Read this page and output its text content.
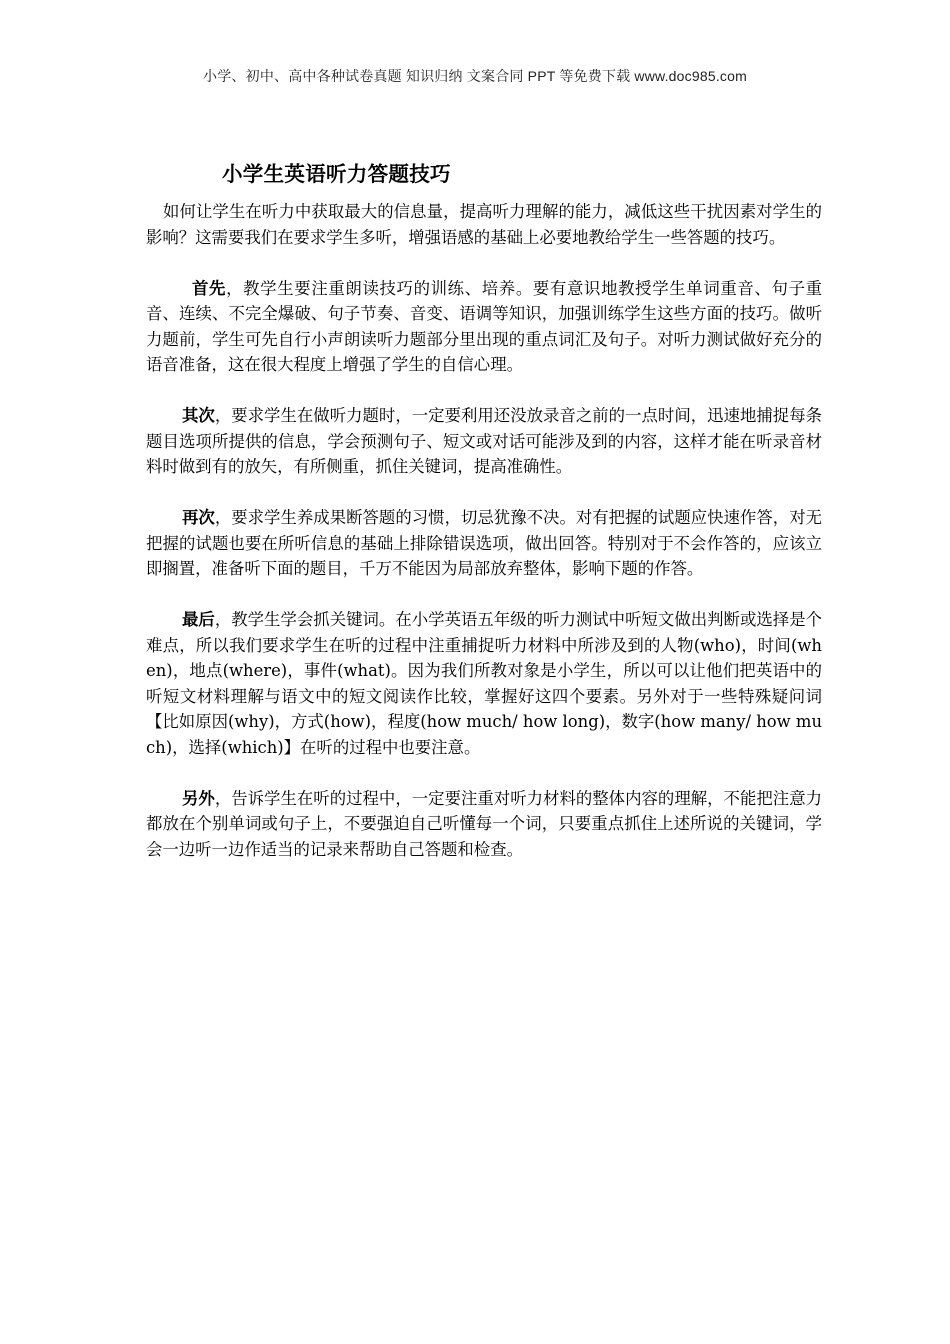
小学、初中、高中各种试卷真题 知识归纳 文案合同 PPT 等免费下载 www.doc985.com
小学生英语听力答题技巧

如何让学生在听力中获取最大的信息量，提高听力理解的能力，减低这些干扰因素对学生的影响？这需要我们在要求学生多听，增强语感的基础上必要地教给学生一些答题的技巧。

首先，教学生要注重朗读技巧的训练、培养。要有意识地教授学生单词重音、句子重音、连续、不完全爆破、句子节奏、音变、语调等知识，加强训练学生这些方面的技巧。做听力题前，学生可先自行小声朗读听力题部分里出现的重点词汇及句子。对听力测试做好充分的语音准备，这在很大程度上增强了学生的自信心理。

其次，要求学生在做听力题时，一定要利用还没放录音之前的一点时间，迅速地捕捉每条题目选项所提供的信息，学会预测句子、短文或对话可能涉及到的内容，这样才能在听录音材料时做到有的放矢，有所侧重，抓住关键词，提高准确性。

再次，要求学生养成果断答题的习惯，切忌犹豫不决。对有把握的试题应快速作答，对无把握的试题也要在所听信息的基础上排除错误选项，做出回答。特别对于不会作答的，应该立即搁置，准备听下面的题目，千万不能因为局部放弃整体，影响下题的作答。

最后，教学生学会抓关键词。在小学英语五年级的听力测试中听短文做出判断或选择是个难点，所以我们要求学生在听的过程中注重捕捉听力材料中所涉及到的人物(who)，时间(when)，地点(where)，事件(what)。因为我们所教对象是小学生，所以可以让他们把英语中的听短文材料理解与语文中的短文阅读作比较，掌握好这四个要素。另外对于一些特殊疑问词【比如原因(why)，方式(how)，程度(how much/ how long)，数字(how many/ how much)，选择(which)】在听的过程中也要注意。

另外，告诉学生在听的过程中，一定要注重对听力材料的整体内容的理解，不能把注意力都放在个别单词或句子上，不要强迫自己听懂每一个词，只要重点抓住上述所说的关键词，学会一边听一边作适当的记录来帮助自己答题和检查。
